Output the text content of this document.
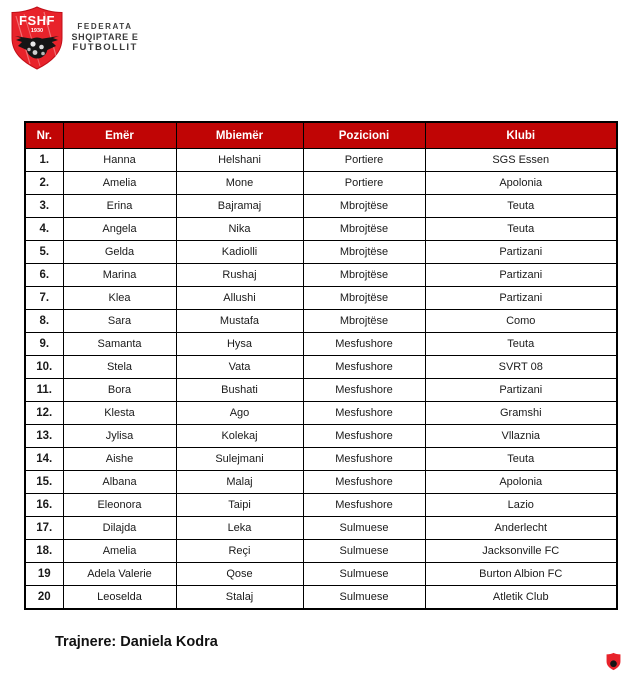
FSHF
1930	FEDERATA
SHQIPTARE E
FUTBOLLIT
Nr.	Emër	Mbiemër	Pozicioni	Klubi
1.	Hanna	Helshani	Portiere	SGS Essen
2.	Amelia	Mone	Portiere	Apolonia
3.	Erina	Bajramaj	Mbrojtëse	Teuta
4.	Angela	Nika	Mbrojtëse	Teuta
5.	Gelda	Kadiolli	Mbrojtëse	Partizani
6.	Marina	Rushaj	Mbrojtëse	Partizani
7.	Klea	Allushi	Mbrojtëse	Partizani
8.	Sara	Mustafa	Mbrojtëse	Como
9.	Samanta	Hysa	Mesfushore	Teuta
10.	Stela	Vata	Mesfushore	SVRT 08
11.	Bora	Bushati	Mesfushore	Partizani
12.	Klesta	Ago	Mesfushore	Gramshi
13.	Jylisa	Kolekaj	Mesfushore	Vllaznia
14.	Aishe	Sulejmani	Mesfushore	Teuta
15.	Albana	Malaj	Mesfushore	Apolonia
16.	Eleonora	Taipi	Mesfushore	Lazio
17.	Dilajda	Leka	Sulmuese	Anderlecht
18.	Amelia	Reçi	Sulmuese	Jacksonville FC
19	Adela Valerie	Qose	Sulmuese	Burton Albion FC
20	Leoselda	Stalaj	Sulmuese	Atletik Club
Trajnere: Daniela Kodra
